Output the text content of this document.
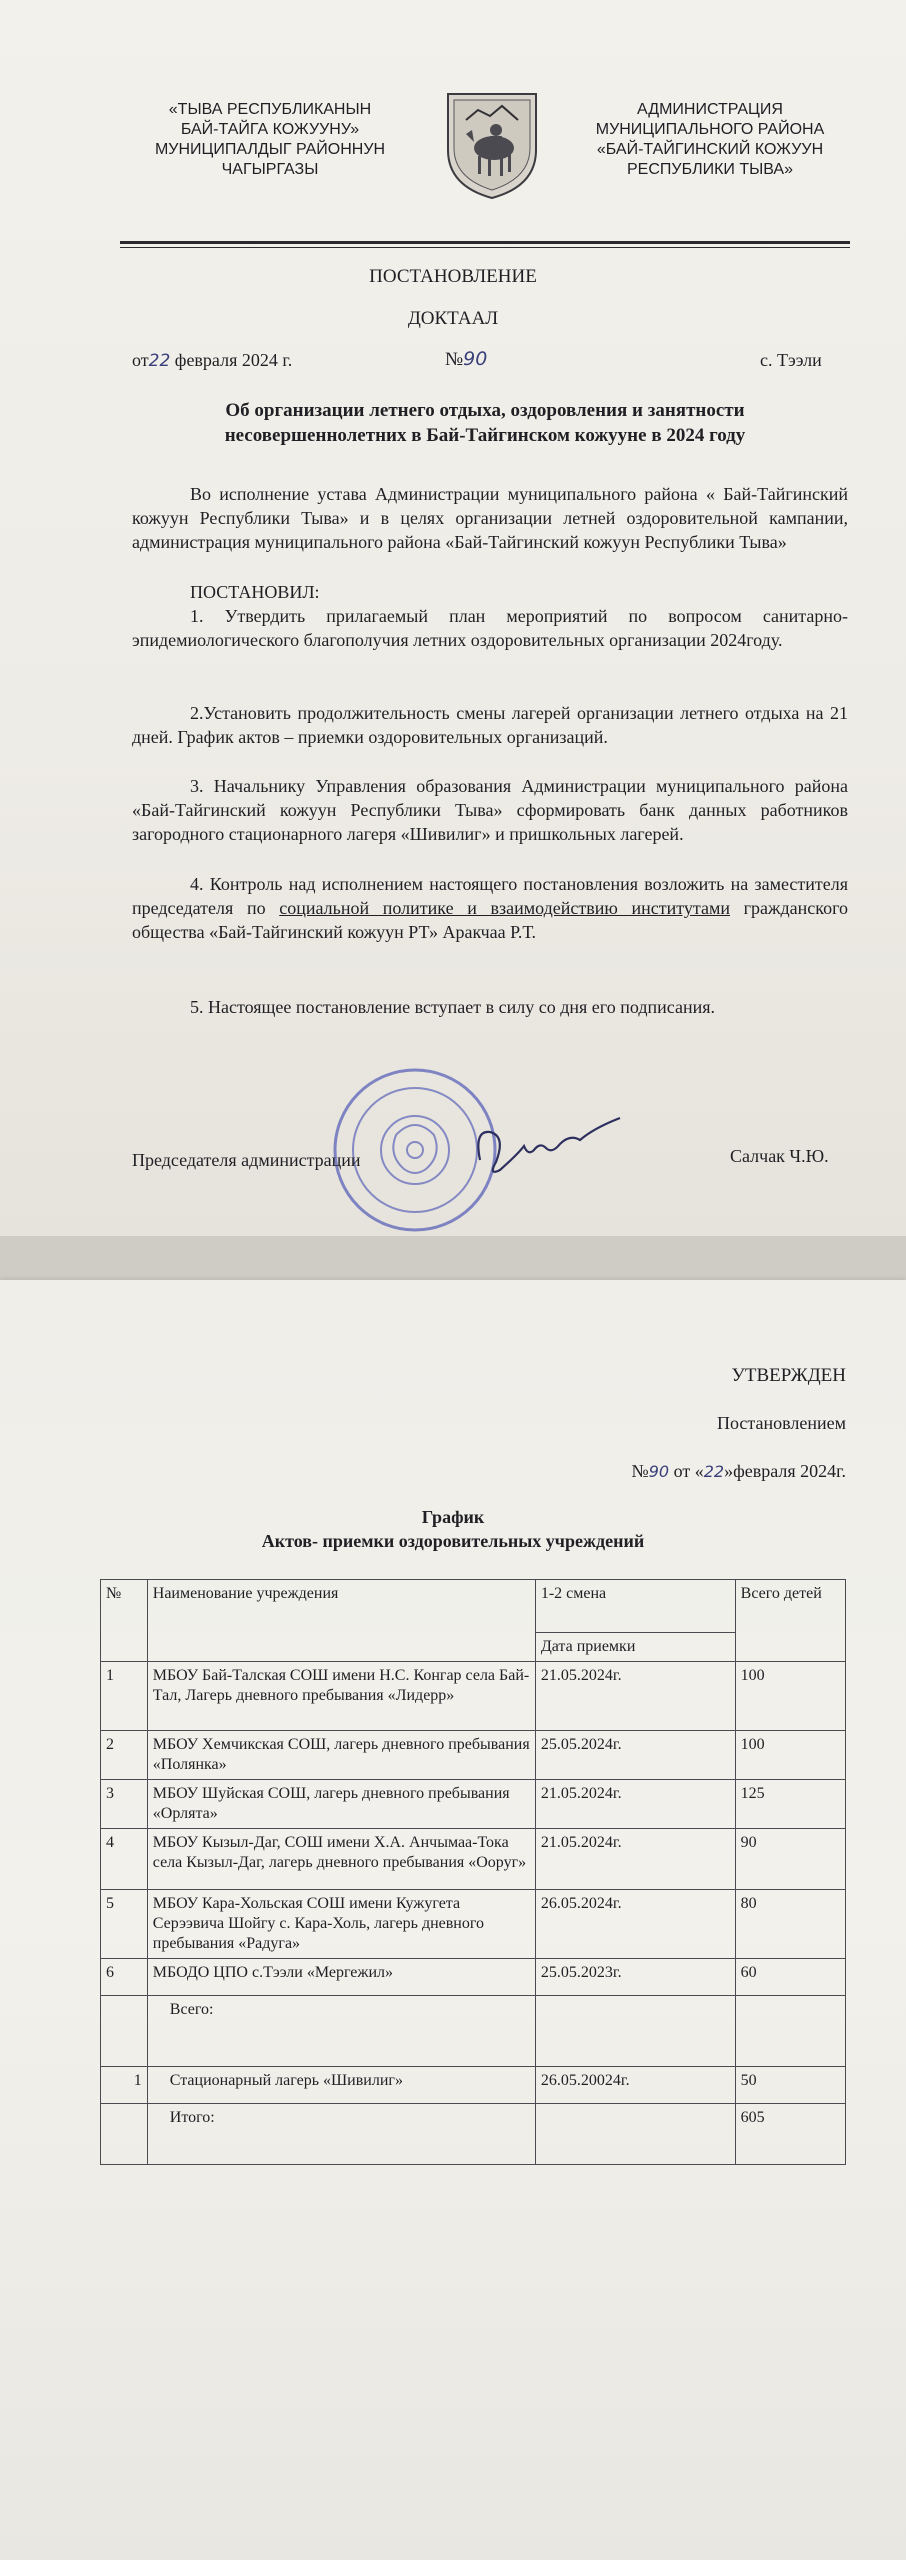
«ТЫВА РЕСПУБЛИКАНЫН
БАЙ-ТАЙГА КОЖУУНУ»
МУНИЦИПАЛДЫГ РАЙОННУН
ЧАГЫРГАЗЫ
АДМИНИСТРАЦИЯ
МУНИЦИПАЛЬНОГО РАЙОНА
«БАЙ-ТАЙГИНСКИЙ КОЖУУН
РЕСПУБЛИКИ ТЫВА»
ПОСТАНОВЛЕНИЕ
ДОКТААЛ
от22 февраля 2024 г.	№90	с. Тээли
Об организации летнего отдыха, оздоровления и занятности
несовершеннолетних в Бай-Тайгинском кожууне в 2024 году
Во исполнение устава Администрации муниципального района « Бай-Тайгинский кожуун Республики Тыва» и в целях организации летней оздоровительной кампании, администрация муниципального района «Бай-Тайгинский кожуун Республики Тыва»
ПОСТАНОВИЛ:
1. Утвердить прилагаемый план мероприятий по вопросом санитарно-эпидемиологического благополучия летних оздоровительных организации 2024году.
2.Установить продолжительность смены лагерей организации летнего отдыха на 21 дней. График актов – приемки оздоровительных организаций.
3. Начальнику Управления образования Администрации муниципального района «Бай-Тайгинский кожуун Республики Тыва» сформировать банк данных работников загородного стационарного лагеря «Шивилиг» и пришкольных лагерей.
4. Контроль над исполнением настоящего постановления возложить на заместителя председателя по социальной политике и взаимодействию институтами гражданского общества «Бай-Тайгинский кожуун РТ» Аракчаа Р.Т.
5. Настоящее постановление вступает в силу со дня его подписания.
Председателя администрации	Салчак Ч.Ю.
УТВЕРЖДЕН
Постановлением
№90 от «22»февраля 2024г.
График
Актов- приемки оздоровительных учреждений
№	Наименование учреждения	1-2 смена	Всего детей
		Дата приемки	
1	МБОУ Бай-Талская СОШ имени Н.С. Конгар села Бай-Тал, Лагерь дневного пребывания «Лидерр»	21.05.2024г.	100
2	МБОУ Хемчикская СОШ, лагерь дневного пребывания «Полянка»	25.05.2024г.	100
3	МБОУ Шуйская СОШ, лагерь дневного пребывания «Орлята»	21.05.2024г.	125
4	МБОУ Кызыл-Даг, СОШ имени Х.А. Анчымаа-Тока села Кызыл-Даг, лагерь дневного пребывания «Ооруг»	21.05.2024г.	90
5	МБОУ Кара-Хольская СОШ имени Кужугета Серээвича Шойгу с. Кара-Холь, лагерь дневного пребывания «Радуга»	26.05.2024г.	80
6	МБОДО ЦПО с.Тээли «Мергежил»	25.05.2023г.	60
	Всего:		
1	Стационарный лагерь «Шивилиг»	26.05.20024г.	50
	Итого:		605
